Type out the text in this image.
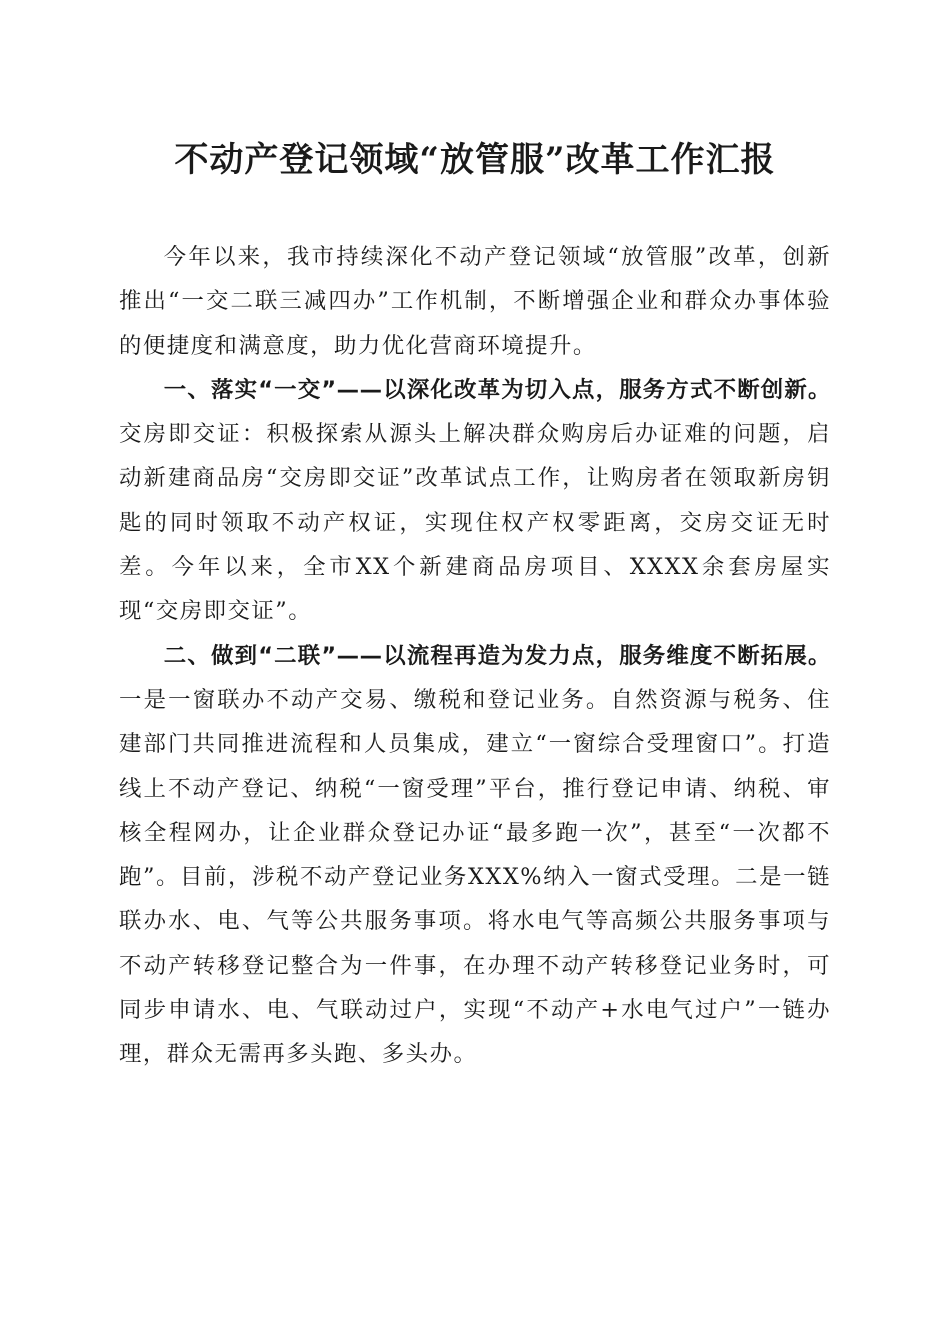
不动产登记领域“放管服”改革工作汇报

今年以来，我市持续深化不动产登记领域“放管服”改革，创新推出“一交二联三减四办”工作机制，不断增强企业和群众办事体验的便捷度和满意度，助力优化营商环境提升。

一、落实“一交”——以深化改革为切入点，服务方式不断创新。交房即交证：积极探索从源头上解决群众购房后办证难的问题，启动新建商品房“交房即交证”改革试点工作，让购房者在领取新房钥匙的同时领取不动产权证，实现住权产权零距离，交房交证无时差。今年以来，全市XX个新建商品房项目、XXXX余套房屋实现“交房即交证”。

二、做到“二联”——以流程再造为发力点，服务维度不断拓展。一是一窗联办不动产交易、缴税和登记业务。自然资源与税务、住建部门共同推进流程和人员集成，建立“一窗综合受理窗口”。打造线上不动产登记、纳税“一窗受理”平台，推行登记申请、纳税、审核全程网办，让企业群众登记办证“最多跑一次”，甚至“一次都不跑”。目前，涉税不动产登记业务XXX%纳入一窗式受理。二是一链联办水、电、气等公共服务事项。将水电气等高频公共服务事项与不动产转移登记整合为一件事，在办理不动产转移登记业务时，可同步申请水、电、气联动过户，实现“不动产+水电气过户”一链办理，群众无需再多头跑、多头办。
